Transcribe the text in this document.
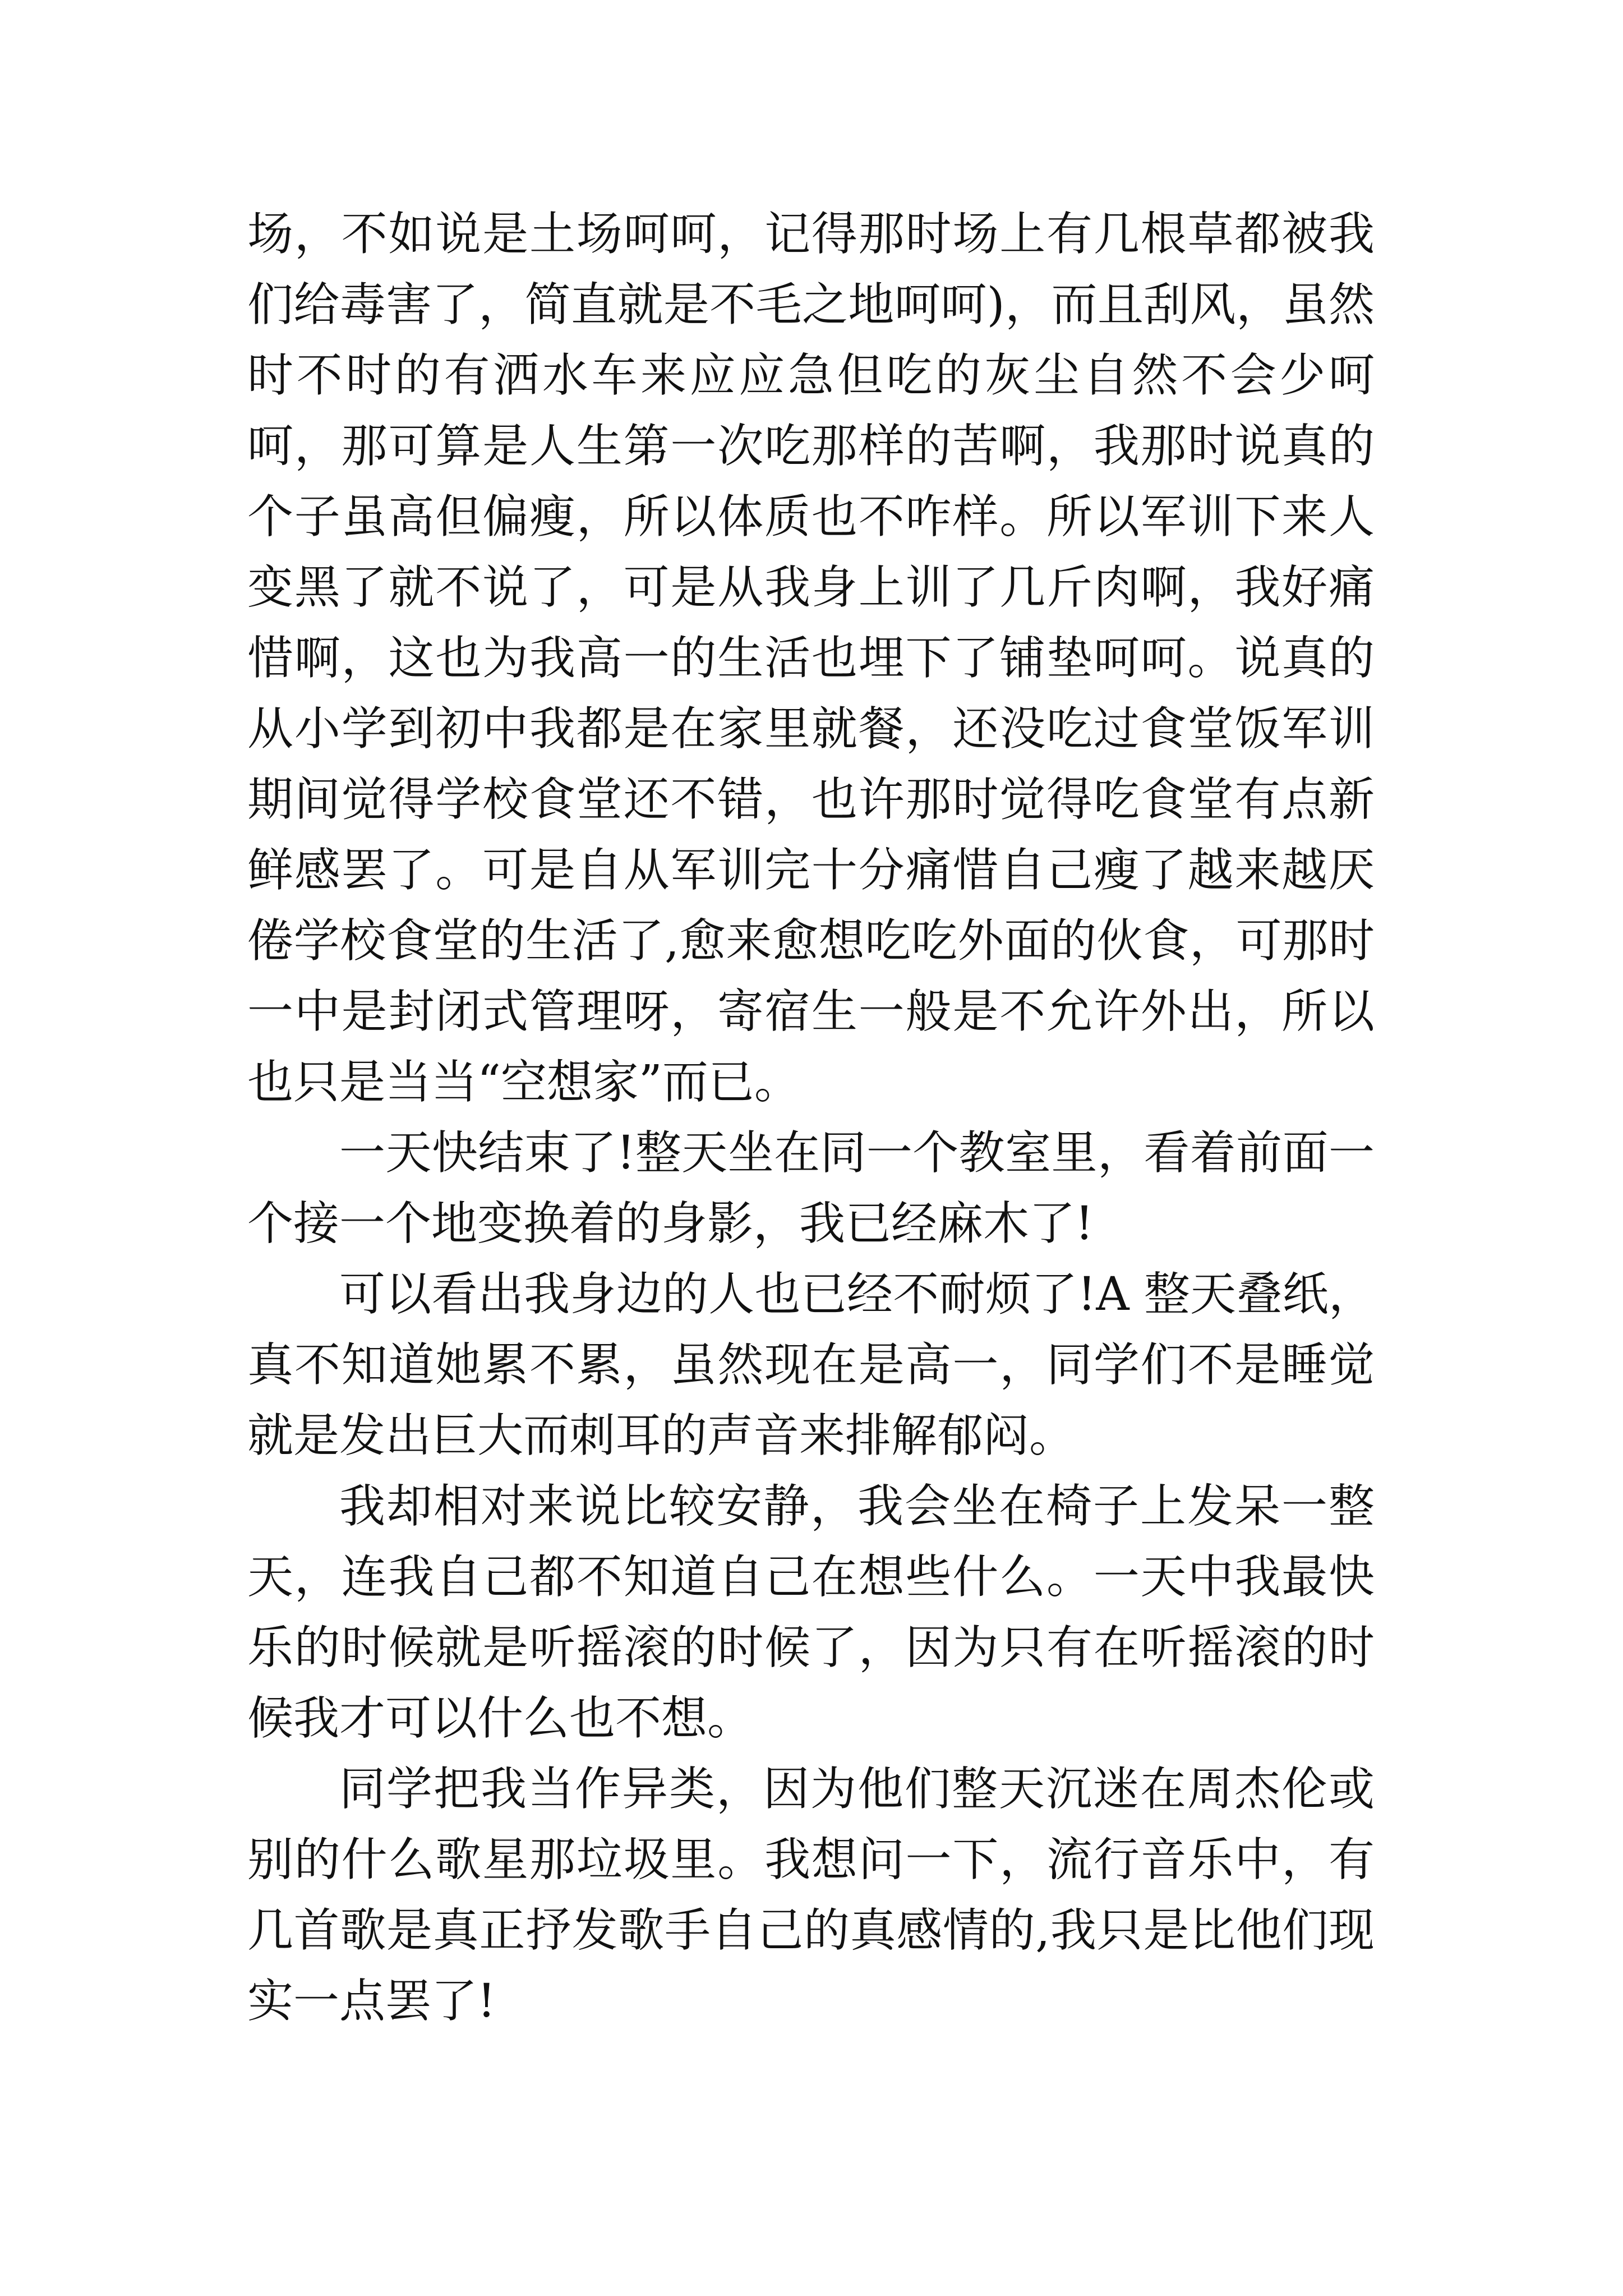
场，不如说是土场呵呵，记得那时场上有几根草都被我们给毒害了，简直就是不毛之地呵呵)，而且刮风，虽然时不时的有洒水车来应应急但吃的灰尘自然不会少呵呵，那可算是人生第一次吃那样的苦啊，我那时说真的个子虽高但偏瘦，所以体质也不咋样。所以军训下来人变黑了就不说了，可是从我身上训了几斤肉啊，我好痛惜啊，这也为我高一的生活也埋下了铺垫呵呵。说真的从小学到初中我都是在家里就餐，还没吃过食堂饭军训期间觉得学校食堂还不错，也许那时觉得吃食堂有点新鲜感罢了。可是自从军训完十分痛惜自己瘦了越来越厌倦学校食堂的生活了,愈来愈想吃吃外面的伙食，可那时一中是封闭式管理呀，寄宿生一般是不允许外出，所以也只是当当“空想家”而已。

一天快结束了!整天坐在同一个教室里，看着前面一个接一个地变换着的身影，我已经麻木了!

可以看出我身边的人也已经不耐烦了!A 整天叠纸，真不知道她累不累，虽然现在是高一，同学们不是睡觉就是发出巨大而刺耳的声音来排解郁闷。

我却相对来说比较安静，我会坐在椅子上发呆一整天，连我自己都不知道自己在想些什么。一天中我最快乐的时候就是听摇滚的时候了，因为只有在听摇滚的时候我才可以什么也不想。

同学把我当作异类，因为他们整天沉迷在周杰伦或别的什么歌星那垃圾里。我想问一下，流行音乐中，有几首歌是真正抒发歌手自己的真感情的,我只是比他们现实一点罢了!
